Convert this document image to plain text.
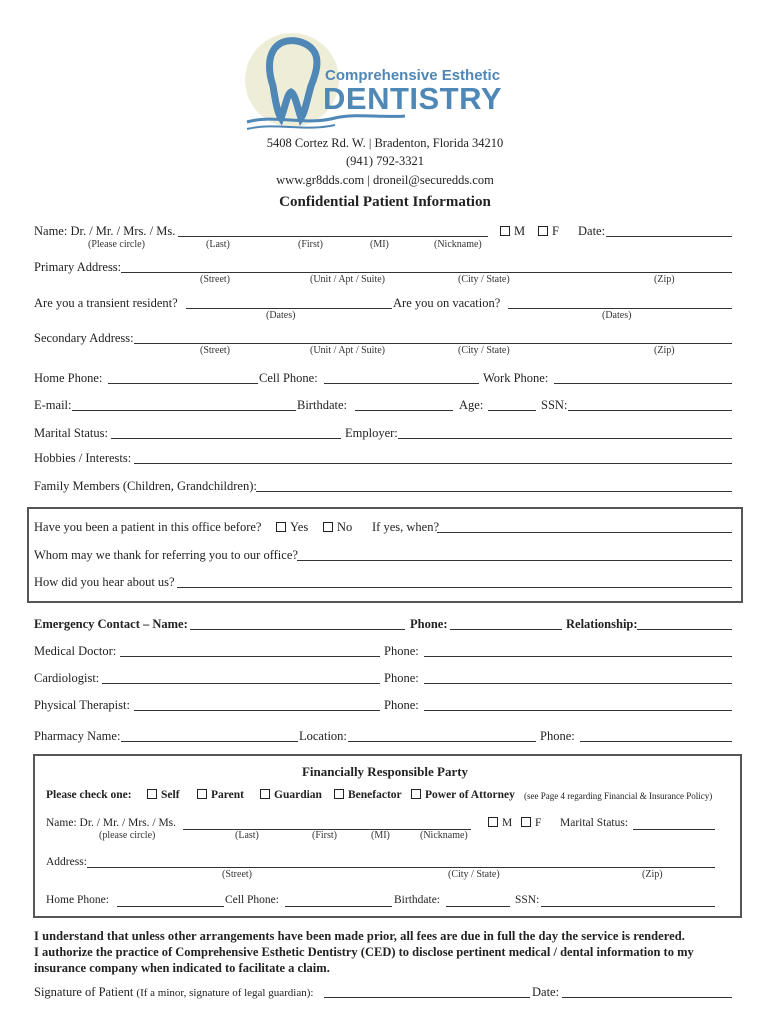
Comprehensive Esthetic
DENTISTRY
5408 Cortez Rd. W. | Bradenton, Florida 34210
(941) 792-3321
www.gr8dds.com | droneil@securedds.com
Confidential Patient Information
Name: Dr. / Mr. / Mrs. / Ms.	M	F Date:
(Please circle)	(Last)	(First)	(MI)	(Nickname)
Primary Address:
(Street)	(Unit / Apt / Suite)	(City / State)	(Zip)
Are you a transient resident?	Are you on vacation?
(Dates)	(Dates)
Secondary Address:
(Street)	(Unit / Apt / Suite)	(City / State)	(Zip)
Home Phone:	Cell Phone:	Work Phone:
E-mail:	Birthdate:	Age:	SSN:
Marital Status:	Employer:
Hobbies / Interests:
Family Members (Children, Grandchildren):
Have you been a patient in this office before?	Yes	No If yes, when?
Whom may we thank for referring you to our office?
How did you hear about us?
Emergency Contact – Name:	Phone:	Relationship:
Medical Doctor:	Phone:
Cardiologist:	Phone:
Physical Therapist:	Phone:
Pharmacy Name:	Location:	Phone:
Financially Responsible Party
Please check one:	Self	Parent	Guardian	Benefactor	Power of Attorney (see Page 4 regarding Financial & Insurance Policy)
Name: Dr. / Mr. / Mrs. / Ms.	M	F Marital Status:
(please circle)	(Last)	(First)	(MI)	(Nickname)
Address:
(Street)	(City / State)	(Zip)
Home Phone:	Cell Phone:	Birthdate:	SSN:
I understand that unless other arrangements have been made prior, all fees are due in full the day the service is rendered.
I authorize the practice of Comprehensive Esthetic Dentistry (CED) to disclose pertinent medical / dental information to my
insurance company when indicated to facilitate a claim.
Signature of Patient (If a minor, signature of legal guardian):	Date:
